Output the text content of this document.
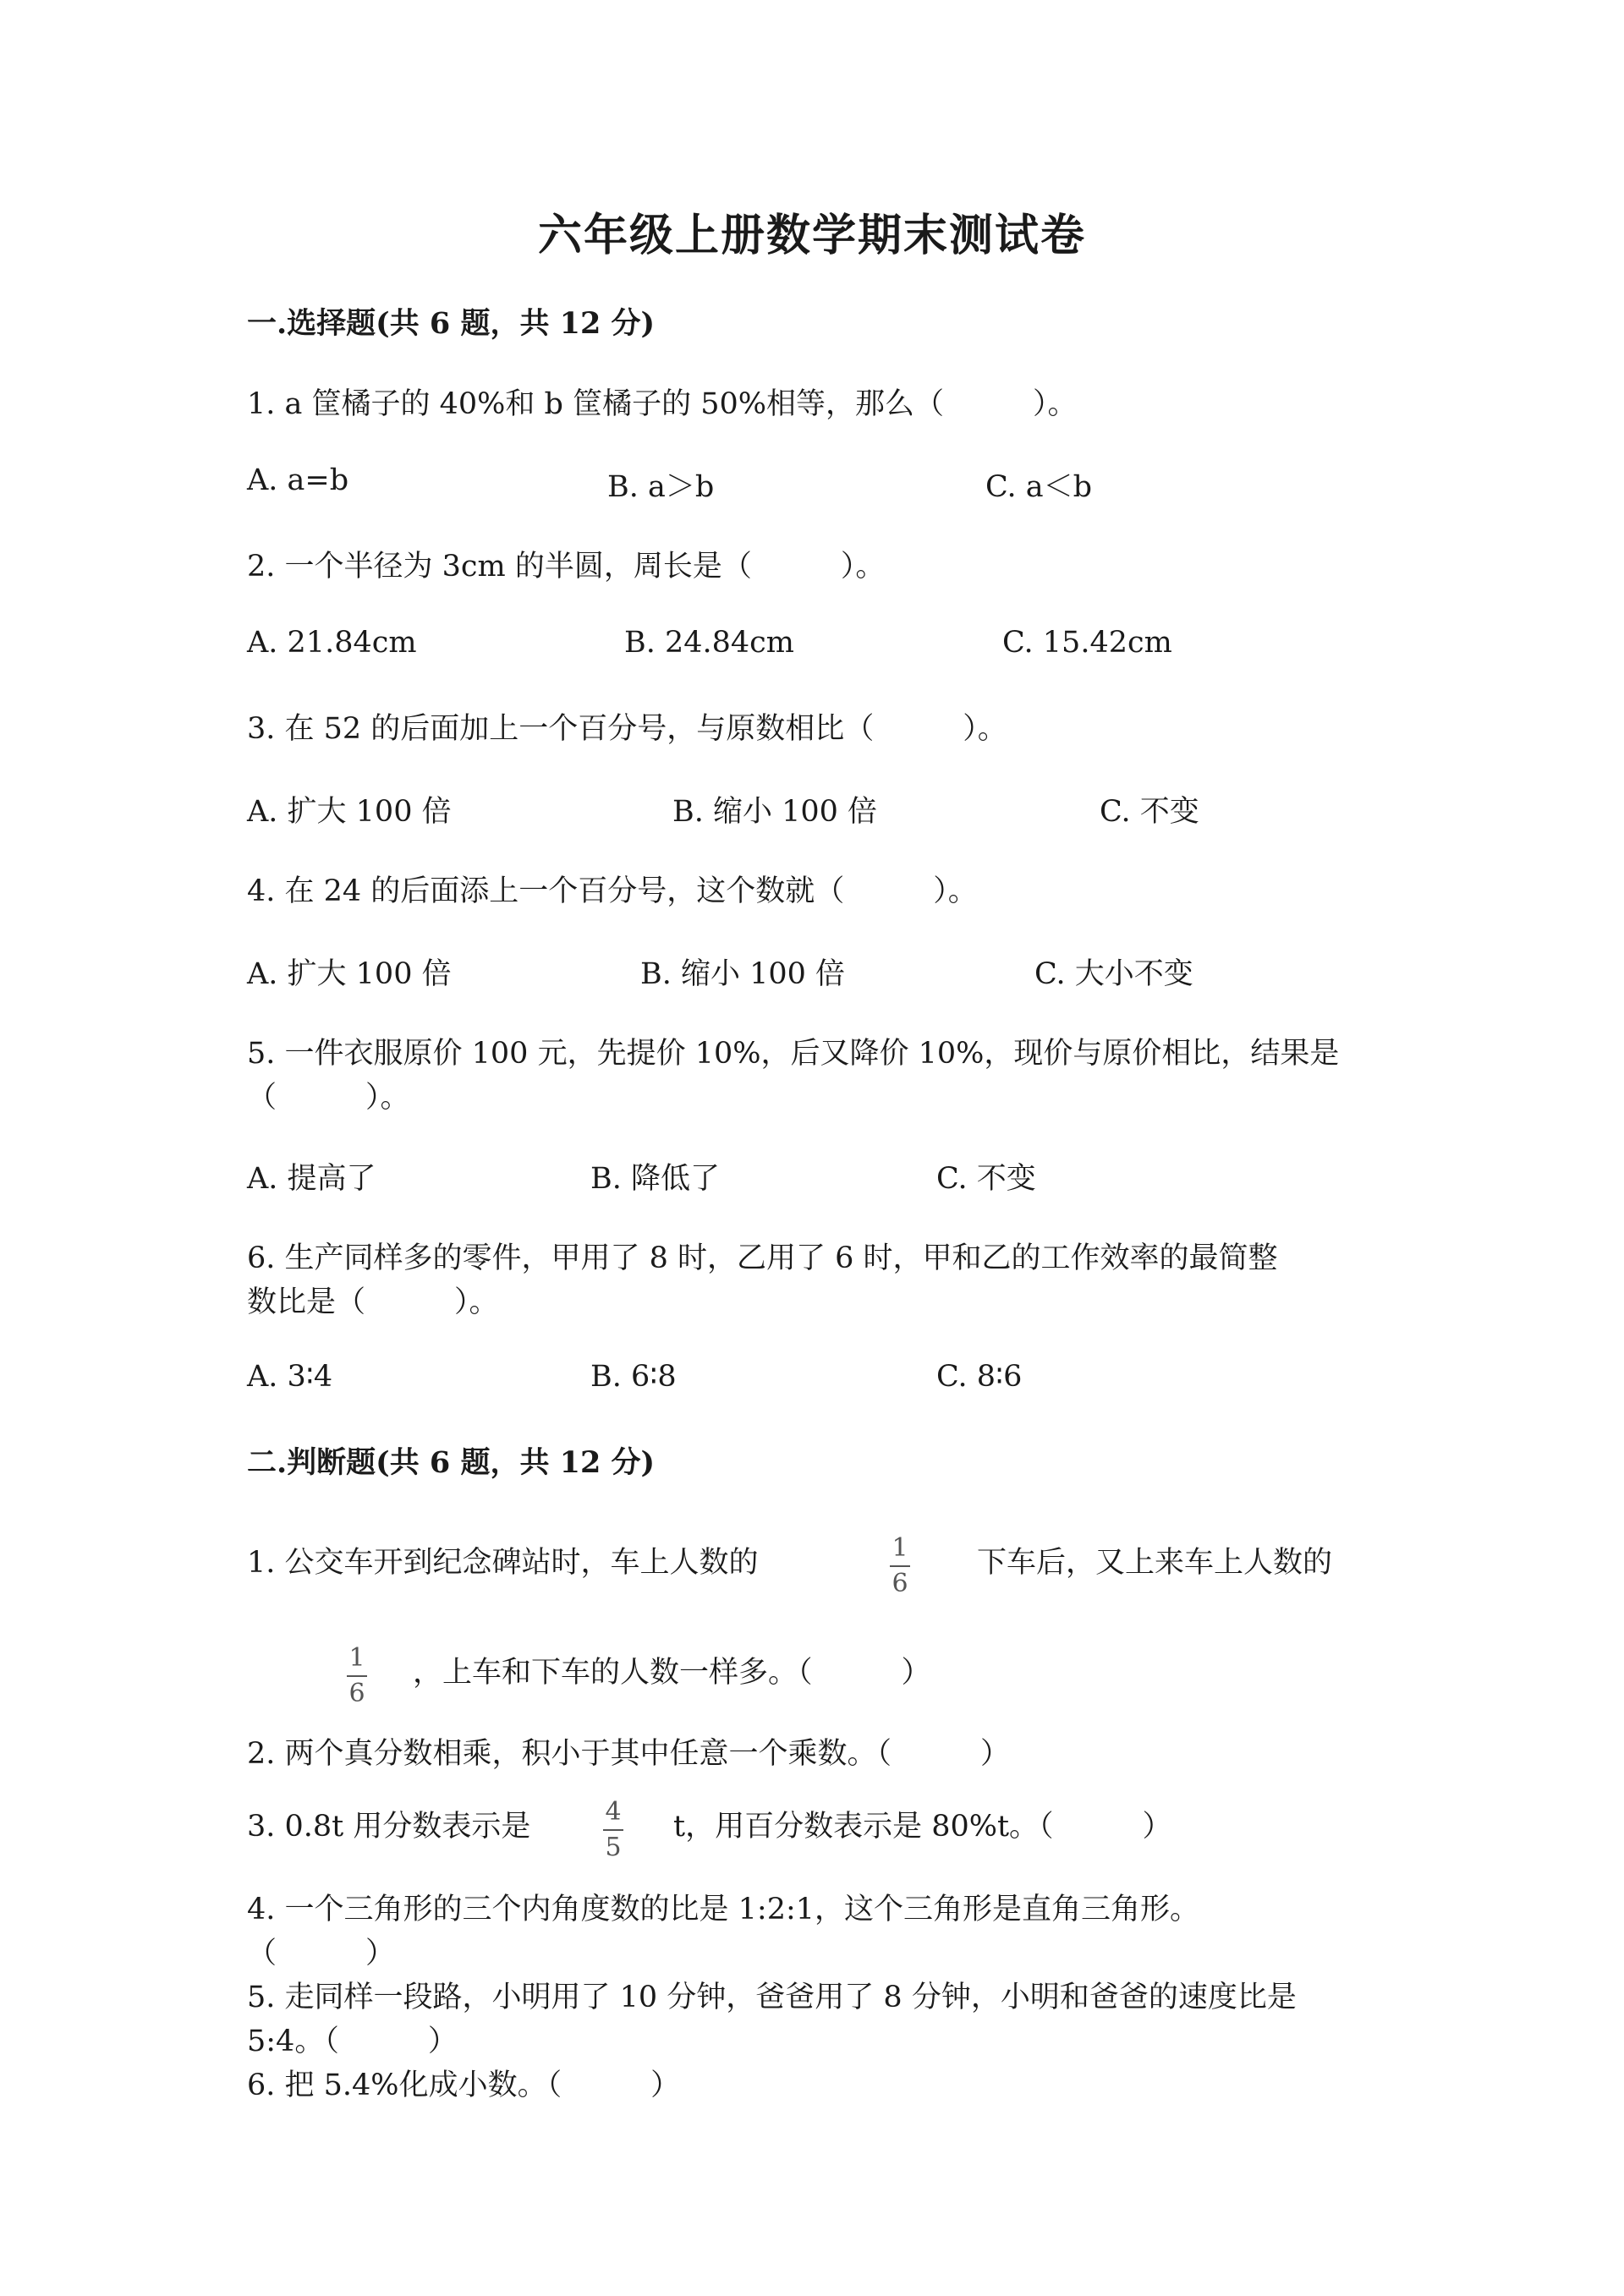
六年级上册数学期末测试卷
一.选择题(共 6 题，共 12 分)
1. a 筐橘子的 40%和 b 筐橘子的 50%相等，那么（　　　）。
A. a=b	B. a＞b	C. a＜b
2. 一个半径为 3cm 的半圆，周长是（　　　）。
A. 21.84cm	B. 24.84cm	C. 15.42cm
3. 在 52 的后面加上一个百分号，与原数相比（　　　）。
A. 扩大 100 倍	B. 缩小 100 倍	C. 不变
4. 在 24 的后面添上一个百分号，这个数就（　　　）。
A. 扩大 100 倍	B. 缩小 100 倍	C. 大小不变
5. 一件衣服原价 100 元，先提价 10%，后又降价 10%，现价与原价相比，结果是
（　　　）。
A. 提高了	B. 降低了	C. 不变
6. 生产同样多的零件，甲用了 8 时，乙用了 6 时，甲和乙的工作效率的最简整
数比是（　　　）。
A. 3∶4	B. 6∶8	C. 8∶6
二.判断题(共 6 题，共 12 分)
1. 公交车开到纪念碑站时，车上人数的	1
6
下车后，又上来车上人数的
1
6
，上车和下车的人数一样多。（　　　）
2. 两个真分数相乘，积小于其中任意一个乘数。（　　　）
3. 0.8t 用分数表示是	4
5
t，用百分数表示是 80%t。（　　　）
4. 一个三角形的三个内角度数的比是 1:2:1，这个三角形是直角三角形。
（　　　）
5. 走同样一段路，小明用了 10 分钟，爸爸用了 8 分钟，小明和爸爸的速度比是
5:4。（　　　）
6. 把 5.4%化成小数。（　　　）
